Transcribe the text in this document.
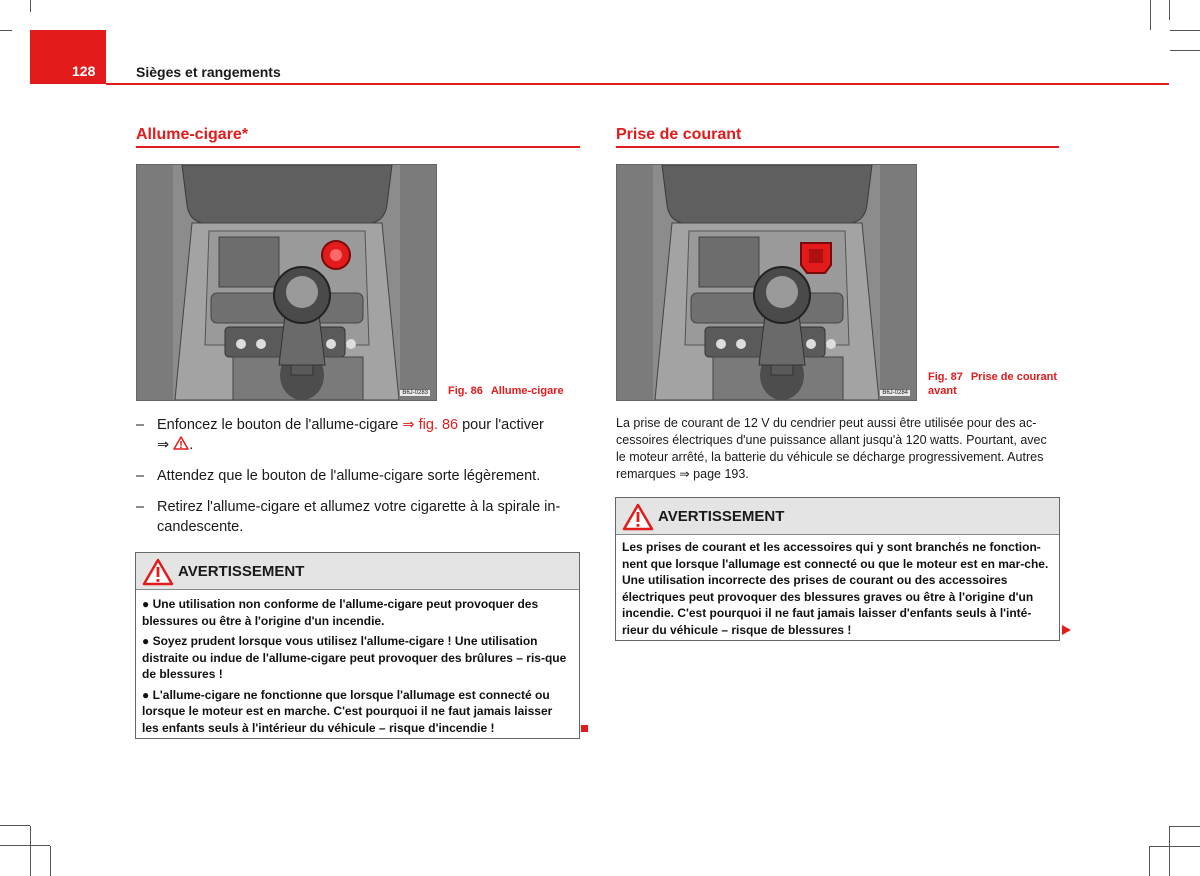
128	Sièges et rangements
Allume-cigare*
B6J-0283 Fig. 86 Allume-cigare
– Enfoncez le bouton de l'allume-cigare ⇒ fig. 86 pour l'activer
⇒ .
– Attendez que le bouton de l'allume-cigare sorte légèrement.
– Retirez l'allume-cigare et allumez votre cigarette à la spirale in-candescente.
AVERTISSEMENT

● Une utilisation non conforme de l'allume-cigare peut provoquer des blessures ou être à l'origine d'un incendie.

● Soyez prudent lorsque vous utilisez l'allume-cigare ! Une utilisation distraite ou indue de l'allume-cigare peut provoquer des brûlures – ris-que de blessures !

● L'allume-cigare ne fonctionne que lorsque l'allumage est connecté ou lorsque le moteur est en marche. C'est pourquoi il ne faut jamais laisser les enfants seuls à l'intérieur du véhicule – risque d'incendie !

Prise de courant
B6J-0284
Fig. 87 Prise de courant avant
La prise de courant de 12 V du cendrier peut aussi être utilisée pour des ac-cessoires électriques d'une puissance allant jusqu'à 120 watts. Pourtant, avec le moteur arrêté, la batterie du véhicule se décharge progressivement. Autres remarques ⇒ page 193.
AVERTISSEMENT

Les prises de courant et les accessoires qui y sont branchés ne fonction-nent que lorsque l'allumage est connecté ou que le moteur est en mar-che. Une utilisation incorrecte des prises de courant ou des accessoires électriques peut provoquer des blessures graves ou être à l'origine d'un incendie. C'est pourquoi il ne faut jamais laisser d'enfants seuls à l'inté-rieur du véhicule – risque de blessures !
